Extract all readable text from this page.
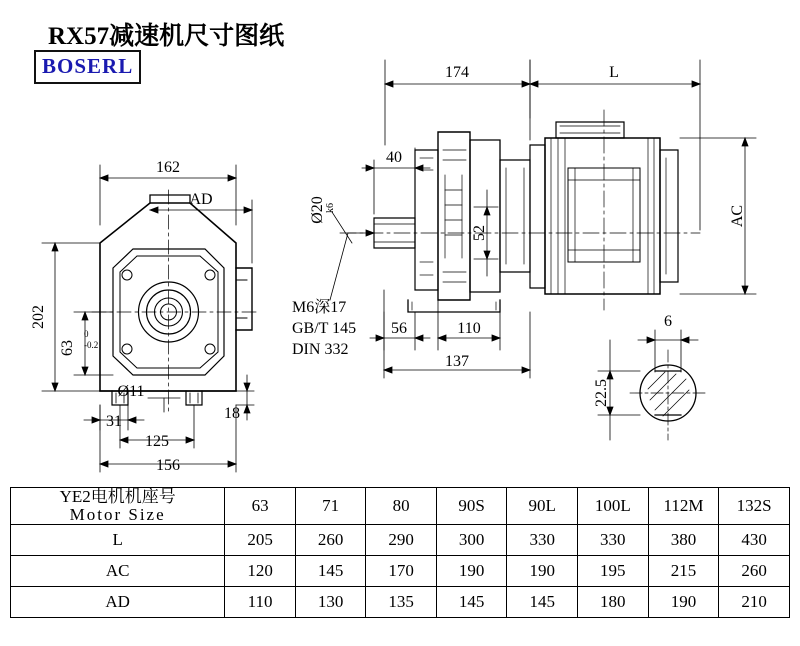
RX57减速机尺寸图纸
BOSERL
162
AD
202
63
0
-0.2
31
125
156
18
Ø11
174	L
40
Ø20 k6
52
AC
56	110
137
M6深17
GB/T 145
DIN 332
6
22.5
YE2电机机座号
Motor Size	63	71	80	90S	90L	100L	112M	132S
L	205	260	290	300	330	330	380	430
AC	120	145	170	190	190	195	215	260
AD	110	130	135	145	145	180	190	210
